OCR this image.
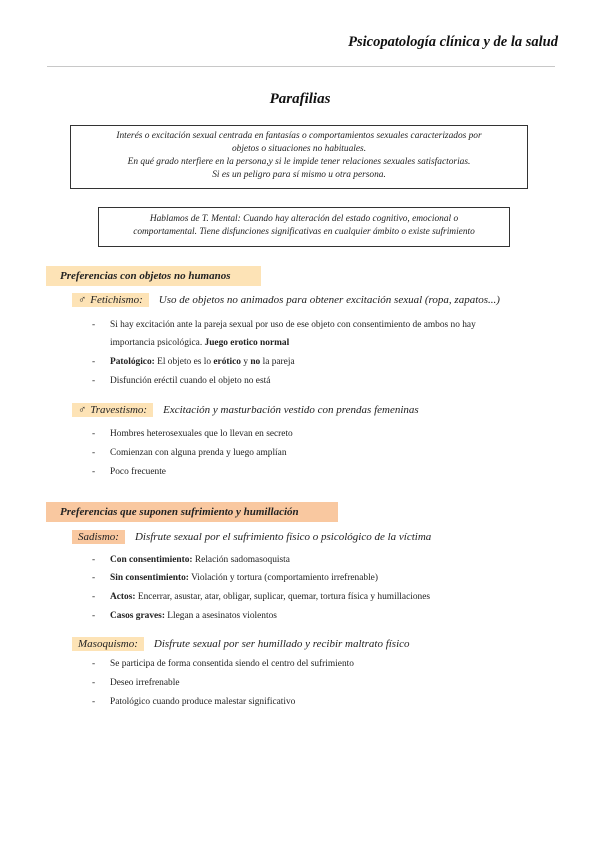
Psicopatología clínica y de la salud
Parafilias
Interés o excitación sexual centrada en fantasías o comportamientos sexuales caracterizados por
objetos o situaciones no habituales.
En qué grado nterfiere en la persona,y si le impide tener relaciones sexuales satisfactorias.
Si es un peligro para sí mismo u otra persona.
Hablamos de T. Mental: Cuando hay alteración del estado cognitivo, emocional o
comportamental. Tiene disfunciones significativas en cualquier ámbito o existe sufrimiento
Preferencias con objetos no humanos
♂ Fetichismo: Uso de objetos no animados para obtener excitación sexual (ropa, zapatos...)
- Si hay excitación ante la pareja sexual por uso de ese objeto con consentimiento de ambos no hay
importancia psicológica. Juego erotico normal
- Patológico: El objeto es lo erótico y no la pareja
- Disfunción eréctil cuando el objeto no está
♂ Travestismo: Excitación y masturbación vestido con prendas femeninas
- Hombres heterosexuales que lo llevan en secreto
- Comienzan con alguna prenda y luego amplían
- Poco frecuente
Preferencias que suponen sufrimiento y humillación
Sadismo: Disfrute sexual por el sufrimiento físico o psicológico de la víctima
- Con consentimiento: Relación sadomasoquista
- Sin consentimiento: Violación y tortura (comportamiento irrefrenable)
- Actos: Encerrar, asustar, atar, obligar, suplicar, quemar, tortura física y humillaciones
- Casos graves: Llegan a asesinatos violentos
Masoquismo: Disfrute sexual por ser humillado y recibir maltrato físico
- Se participa de forma consentida siendo el centro del sufrimiento
- Deseo irrefrenable
- Patológico cuando produce malestar significativo
